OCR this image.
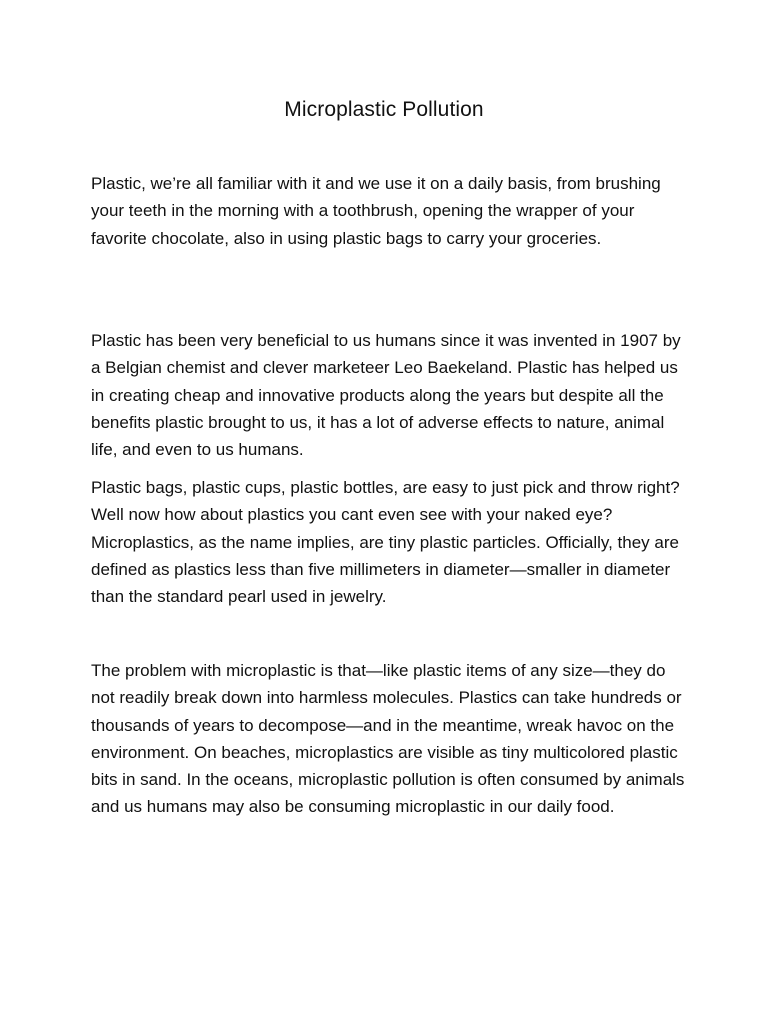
Microplastic Pollution

Plastic, we’re all familiar with it and we use it on a daily basis, from brushing your teeth in the morning with a toothbrush, opening the wrapper of your favorite chocolate, also in using plastic bags to carry your groceries.

Plastic has been very beneficial to us humans since it was invented in 1907 by a Belgian chemist and clever marketeer Leo Baekeland. Plastic has helped us in creating cheap and innovative products along the years but despite all the benefits plastic brought to us, it has a lot of adverse effects to nature, animal life, and even to us humans.

Plastic bags, plastic cups, plastic bottles, are easy to just pick and throw right? Well now how about plastics you cant even see with your naked eye?Microplastics, as the name implies, are tiny plastic particles. Officially, they are defined as plastics less than five millimeters in diameter—smaller in diameter than the standard pearl used in jewelry.

The problem with microplastic is that—like plastic items of any size—they do not readily break down into harmless molecules. Plastics can take hundreds or thousands of years to decompose—and in the meantime, wreak havoc on the environment. On beaches, microplastics are visible as tiny multicolored plastic bits in sand. In the oceans, microplastic pollution is often consumed by animals and us humans may also be consuming microplastic in our daily food.
